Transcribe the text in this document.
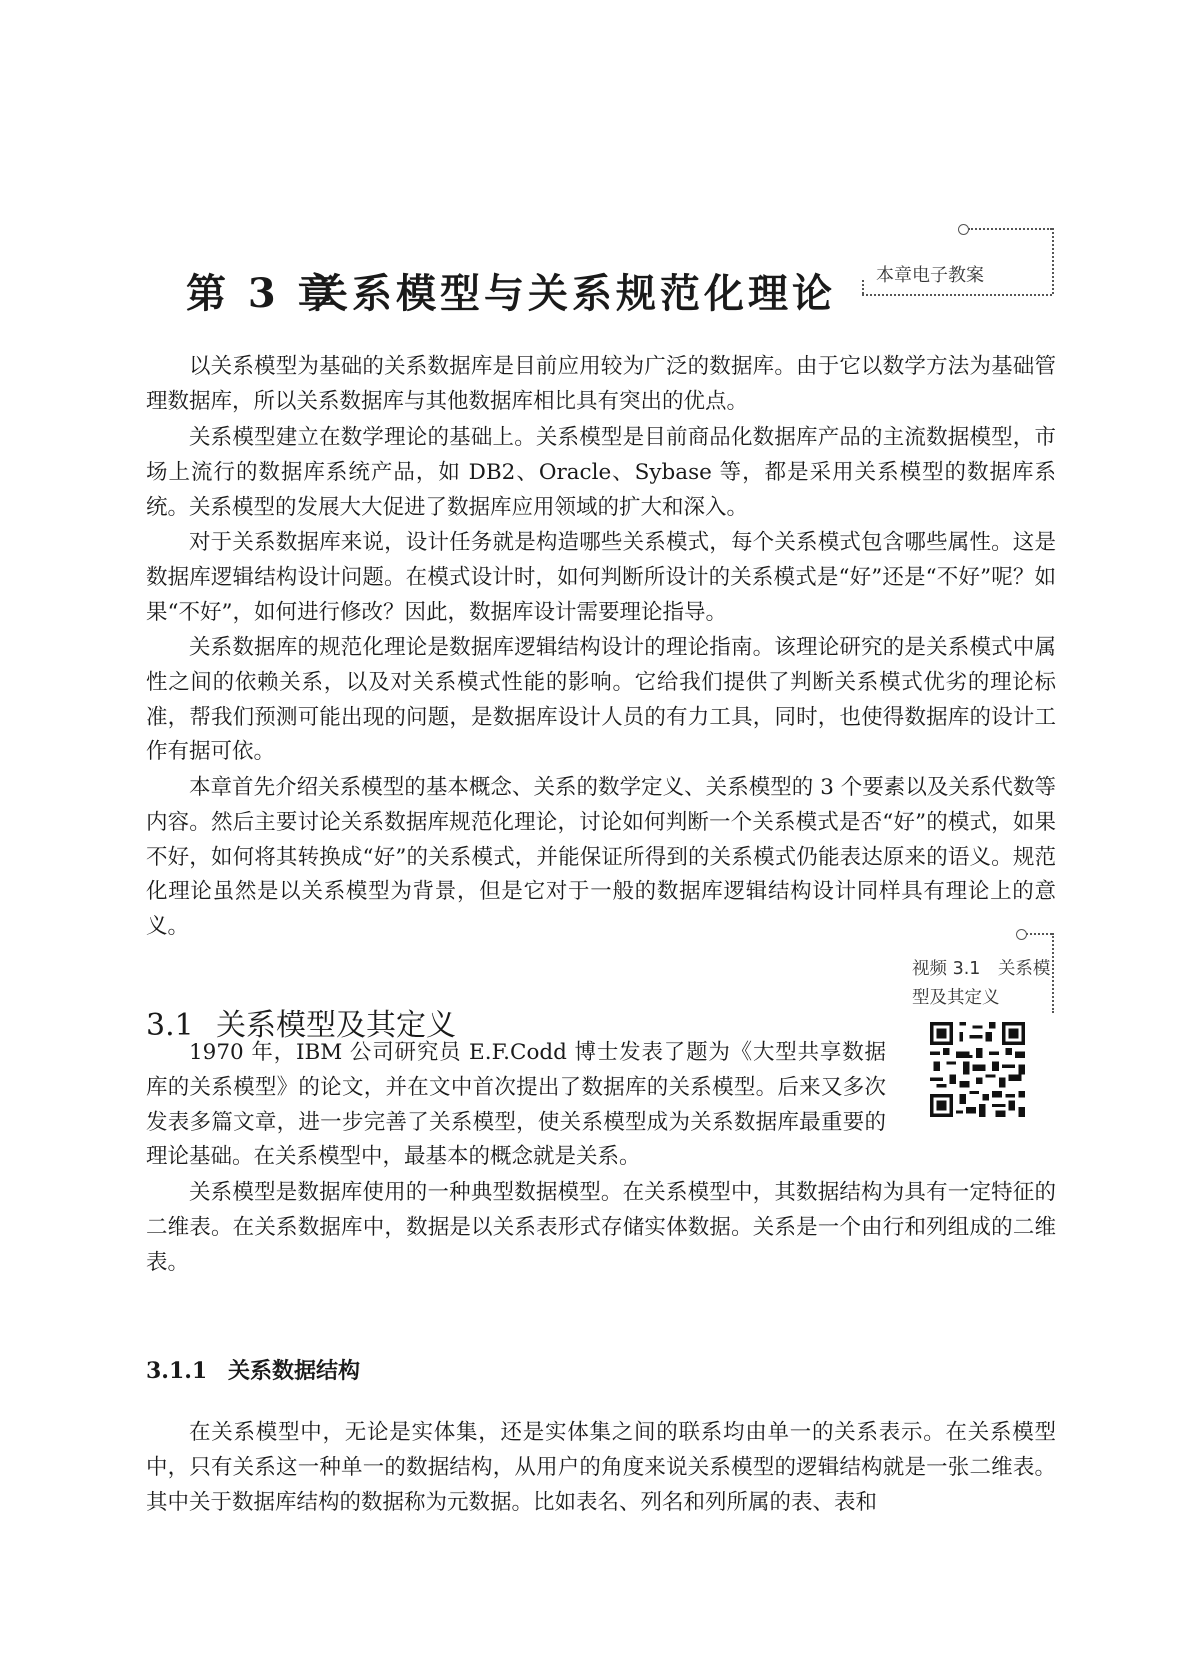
第 3 章关系模型与关系规范化理论 本章电子教案

以关系模型为基础的关系数据库是目前应用较为广泛的数据库。由于它以数学方法为基础管理数据库，所以关系数据库与其他数据库相比具有突出的优点。

关系模型建立在数学理论的基础上。关系模型是目前商品化数据库产品的主流数据模型，市场上流行的数据库系统产品，如 DB2、Oracle、Sybase 等，都是采用关系模型的数据库系统。关系模型的发展大大促进了数据库应用领域的扩大和深入。

对于关系数据库来说，设计任务就是构造哪些关系模式，每个关系模式包含哪些属性。这是数据库逻辑结构设计问题。在模式设计时，如何判断所设计的关系模式是“好”还是“不好”呢？如果“不好”，如何进行修改？因此，数据库设计需要理论指导。

关系数据库的规范化理论是数据库逻辑结构设计的理论指南。该理论研究的是关系模式中属性之间的依赖关系，以及对关系模式性能的影响。它给我们提供了判断关系模式优劣的理论标准，帮我们预测可能出现的问题，是数据库设计人员的有力工具，同时，也使得数据库的设计工作有据可依。

本章首先介绍关系模型的基本概念、关系的数学定义、关系模型的 3 个要素以及关系代数等内容。然后主要讨论关系数据库规范化理论，讨论如何判断一个关系模式是否“好”的模式，如果不好，如何将其转换成“好”的关系模式，并能保证所得到的关系模式仍能表达原来的语义。规范化理论虽然是以关系模型为背景，但是它对于一般的数据库逻辑结构设计同样具有理论上的意义。

视频 3.1　关系模型及其定义
3.1 关系模型及其定义

1970 年，IBM 公司研究员 E.F.Codd 博士发表了题为《大型共享数据库的关系模型》的论文，并在文中首次提出了数据库的关系模型。后来又多次发表多篇文章，进一步完善了关系模型，使关系模型成为关系数据库最重要的理论基础。在关系模型中，最基本的概念就是关系。

关系模型是数据库使用的一种典型数据模型。在关系模型中，其数据结构为具有一定特征的二维表。在关系数据库中，数据是以关系表形式存储实体数据。关系是一个由行和列组成的二维表。

3.1.1 关系数据结构

在关系模型中，无论是实体集，还是实体集之间的联系均由单一的关系表示。在关系模型中，只有关系这一种单一的数据结构，从用户的角度来说关系模型的逻辑结构就是一张二维表。其中关于数据库结构的数据称为元数据。比如表名、列名和列所属的表、表和
